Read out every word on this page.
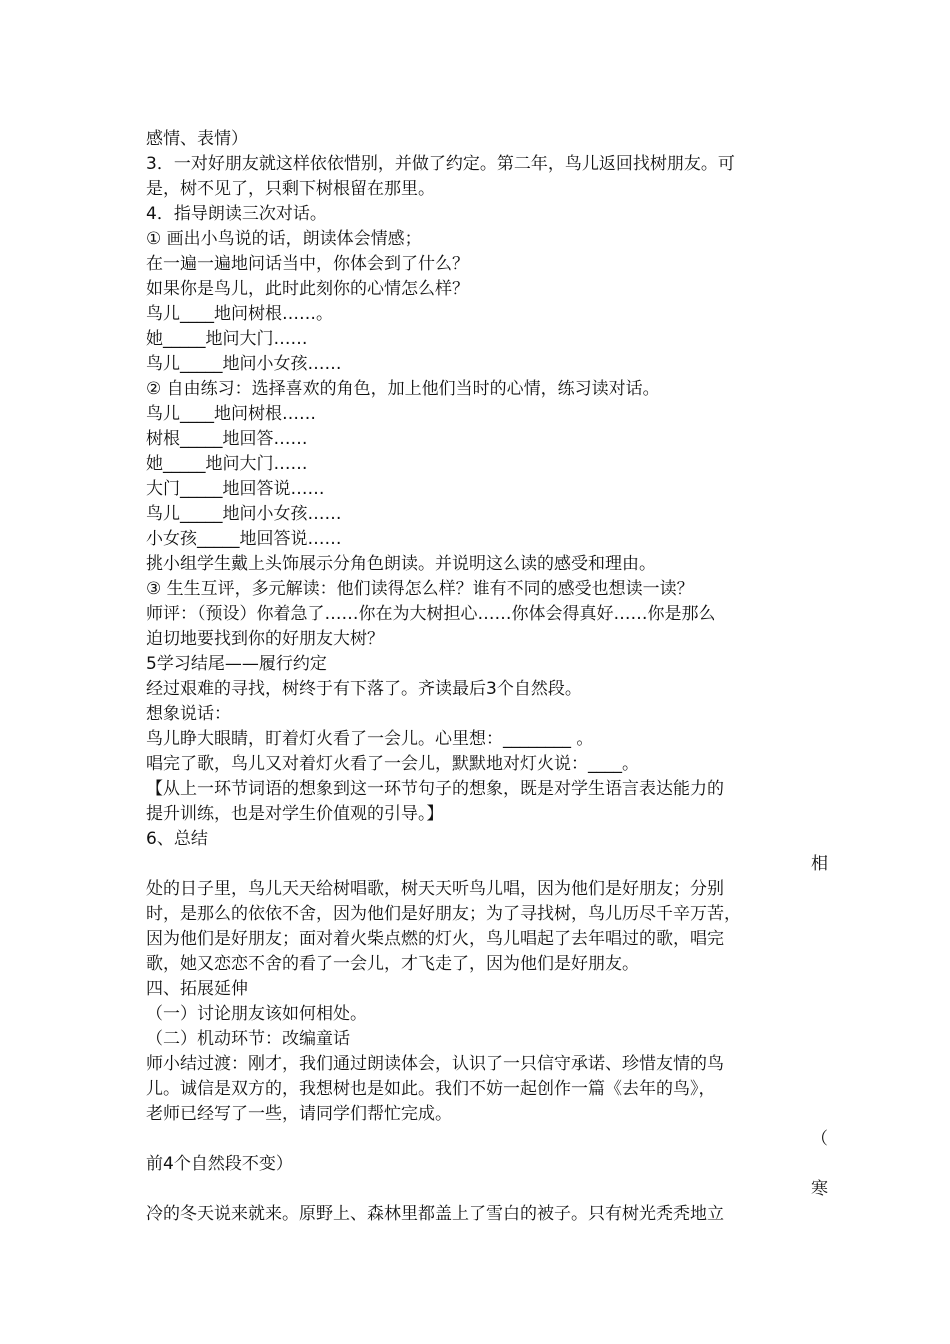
感情、表情）
3．一对好朋友就这样依依惜别，并做了约定。第二年，鸟儿返回找树朋友。可
是，树不见了，只剩下树根留在那里。
4．指导朗读三次对话。
① 画出小鸟说的话，朗读体会情感；
在一遍一遍地问话当中，你体会到了什么？
如果你是鸟儿，此时此刻你的心情怎么样？
鸟儿____地问树根……。
她_____地问大门……
鸟儿_____地问小女孩……
② 自由练习：选择喜欢的角色，加上他们当时的心情，练习读对话。
鸟儿____地问树根……
树根_____地回答……
她_____地问大门……
大门_____地回答说……
鸟儿_____地问小女孩……
小女孩_____地回答说……
挑小组学生戴上头饰展示分角色朗读。并说明这么读的感受和理由。
③ 生生互评，多元解读：他们读得怎么样？谁有不同的感受也想读一读？
师评：（预设）你着急了……你在为大树担心……你体会得真好……你是那么
迫切地要找到你的好朋友大树？
5学习结尾——履行约定
经过艰难的寻找，树终于有下落了。齐读最后3个自然段。
想象说话：
鸟儿睁大眼睛，盯着灯火看了一会儿。心里想：________ 。
唱完了歌，鸟儿又对着灯火看了一会儿，默默地对灯火说：____。
【从上一环节词语的想象到这一环节句子的想象，既是对学生语言表达能力的
提升训练，也是对学生价值观的引导。】
6、总结
相
处的日子里，鸟儿天天给树唱歌，树天天听鸟儿唱，因为他们是好朋友；分别
时，是那么的依依不舍，因为他们是好朋友；为了寻找树，鸟儿历尽千辛万苦，
因为他们是好朋友；面对着火柴点燃的灯火，鸟儿唱起了去年唱过的歌，唱完
歌，她又恋恋不舍的看了一会儿，才飞走了，因为他们是好朋友。
四、拓展延伸
（一）讨论朋友该如何相处。
（二）机动环节：改编童话
师小结过渡：刚才，我们通过朗读体会，认识了一只信守承诺、珍惜友情的鸟
儿。诚信是双方的，我想树也是如此。我们不妨一起创作一篇《去年的鸟》，
老师已经写了一些，请同学们帮忙完成。
（
前4个自然段不变）
寒
冷的冬天说来就来。原野上、森林里都盖上了雪白的被子。只有树光秃秃地立
